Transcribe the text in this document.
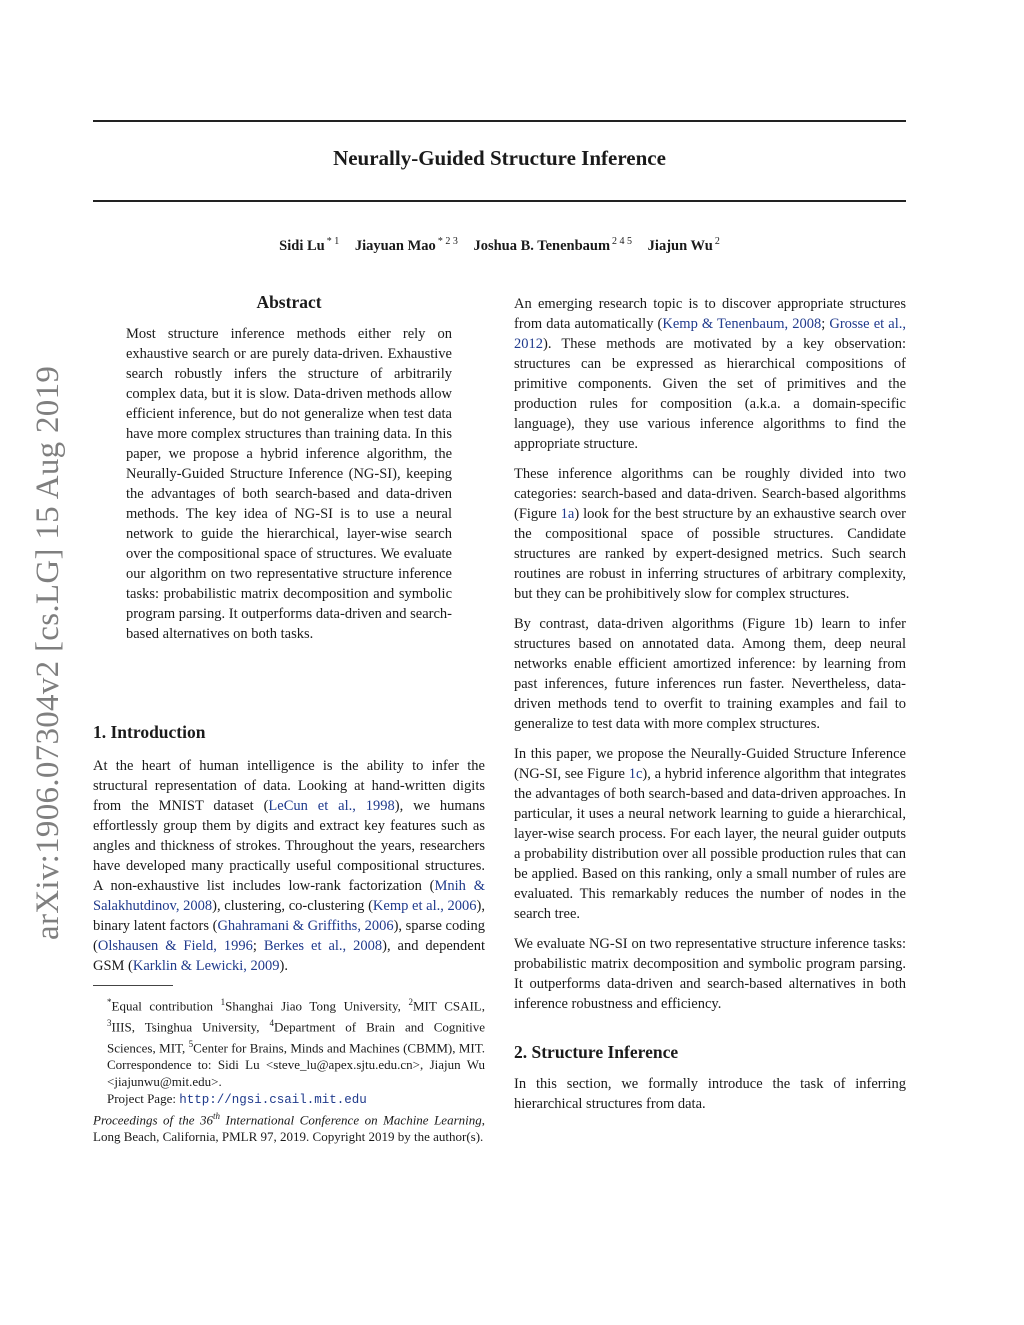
Neurally-Guided Structure Inference
Sidi Lu $^{* 1}$ Jiayuan Mao $^{* 2 3}$ Joshua B. Tenenbaum $^{2 4 5}$ Jiajun Wu $^2$
arXiv:1906.07304v2 [cs.LG] 15 Aug 2019
Abstract

Most structure inference methods either rely on exhaustive search or are purely data-driven. Exhaustive search robustly infers the structure of arbitrarily complex data, but it is slow. Data-driven methods allow efficient inference, but do not generalize when test data have more complex structures than training data. In this paper, we propose a hybrid inference algorithm, the Neurally-Guided Structure Inference (NG-SI), keeping the advantages of both search-based and data-driven methods. The key idea of NG-SI is to use a neural network to guide the hierarchical, layer-wise search over the compositional space of structures. We evaluate our algorithm on two representative structure inference tasks: probabilistic matrix decomposition and symbolic program parsing. It outperforms data-driven and search-based alternatives on both tasks.

1. Introduction

At the heart of human intelligence is the ability to infer the structural representation of data. Looking at hand-written digits from the MNIST dataset (LeCun et al., 1998), we humans effortlessly group them by digits and extract key features such as angles and thickness of strokes. Throughout the years, researchers have developed many practically useful compositional structures. A non-exhaustive list includes low-rank factorization (Mnih & Salakhutdinov, 2008), clustering, co-clustering (Kemp et al., 2006), binary latent factors (Ghahramani & Griffiths, 2006), sparse coding (Olshausen & Field, 1996; Berkes et al., 2008), and dependent GSM (Karklin & Lewicki, 2009).

*Equal contribution $^1$Shanghai Jiao Tong University, $^2$MIT CSAIL, $^3$IIIS, Tsinghua University, $^4$Department of Brain and Cognitive Sciences, MIT, $^5$Center for Brains, Minds and Machines (CBMM), MIT. Correspondence to: Sidi Lu <steve_lu@apex.sjtu.edu.cn>, Jiajun Wu <jiajunwu@mit.edu>.
Project Page: http://ngsi.csail.mit.edu
Proceedings of the 36th International Conference on Machine Learning, Long Beach, California, PMLR 97, 2019. Copyright 2019 by the author(s).

An emerging research topic is to discover appropriate structures from data automatically (Kemp & Tenenbaum, 2008; Grosse et al., 2012). These methods are motivated by a key observation: structures can be expressed as hierarchical compositions of primitive components. Given the set of primitives and the production rules for composition (a.k.a. a domain-specific language), they use various inference algorithms to find the appropriate structure.

These inference algorithms can be roughly divided into two categories: search-based and data-driven. Search-based algorithms (Figure 1a) look for the best structure by an exhaustive search over the compositional space of possible structures. Candidate structures are ranked by expert-designed metrics. Such search routines are robust in inferring structures of arbitrary complexity, but they can be prohibitively slow for complex structures.

By contrast, data-driven algorithms (Figure 1b) learn to infer structures based on annotated data. Among them, deep neural networks enable efficient amortized inference: by learning from past inferences, future inferences run faster. Nevertheless, data-driven methods tend to overfit to training examples and fail to generalize to test data with more complex structures.

In this paper, we propose the Neurally-Guided Structure Inference (NG-SI, see Figure 1c), a hybrid inference algorithm that integrates the advantages of both search-based and data-driven approaches. In particular, it uses a neural network learning to guide a hierarchical, layer-wise search process. For each layer, the neural guider outputs a probability distribution over all possible production rules that can be applied. Based on this ranking, only a small number of rules are evaluated. This remarkably reduces the number of nodes in the search tree.

We evaluate NG-SI on two representative structure inference tasks: probabilistic matrix decomposition and symbolic program parsing. It outperforms data-driven and search-based alternatives in both inference robustness and efficiency.

2. Structure Inference

In this section, we formally introduce the task of inferring hierarchical structures from data.
